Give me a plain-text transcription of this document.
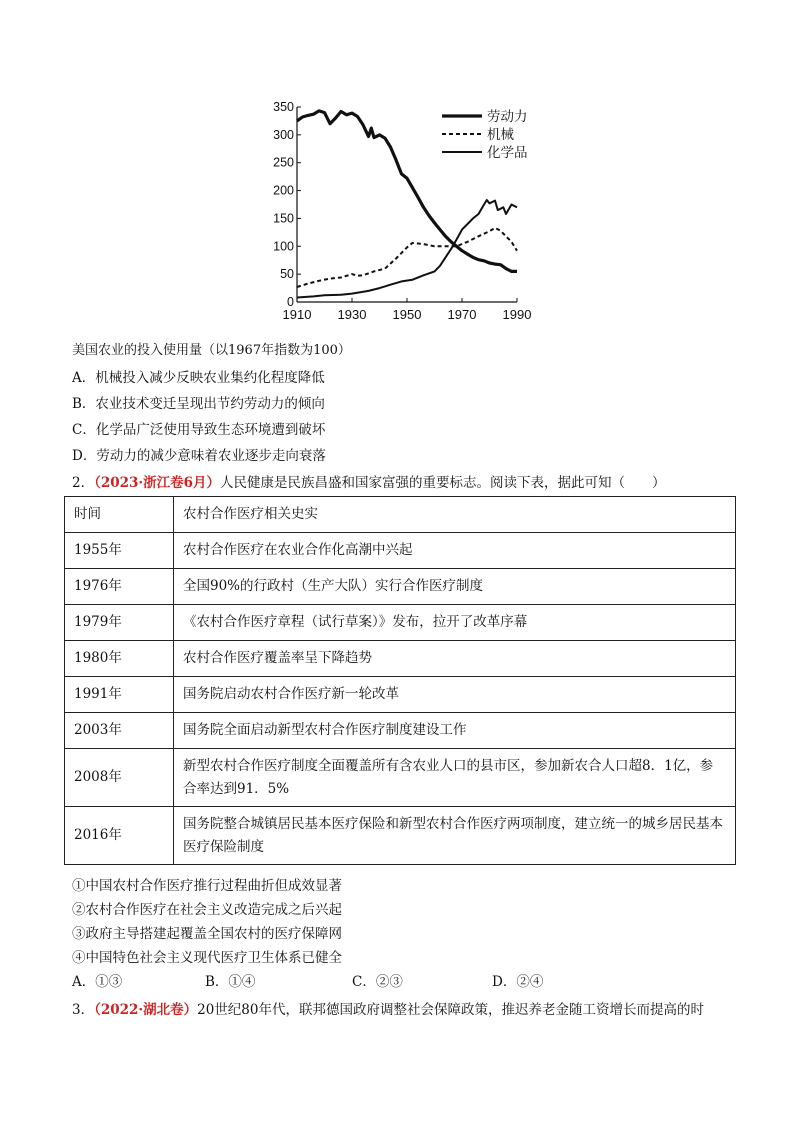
0
50
100
150
200
250
300
350
1910 1930 1950 1970 1990
劳动力
机械
化学品
美国农业的投入使用量（以1967年指数为100）
A．机械投入减少反映农业集约化程度降低
B．农业技术变迁呈现出节约劳动力的倾向
C．化学品广泛使用导致生态环境遭到破坏
D．劳动力的减少意味着农业逐步走向衰落
2．（2023·浙江卷6月）人民健康是民族昌盛和国家富强的重要标志。阅读下表，据此可知（　　）
时间	农村合作医疗相关史实
1955年	农村合作医疗在农业合作化高潮中兴起
1976年	全国90%的行政村（生产大队）实行合作医疗制度
1979年	《农村合作医疗章程（试行草案）》发布，拉开了改革序幕
1980年	农村合作医疗覆盖率呈下降趋势
1991年	国务院启动农村合作医疗新一轮改革
2003年	国务院全面启动新型农村合作医疗制度建设工作
2008年	新型农村合作医疗制度全面覆盖所有含农业人口的县市区，参加新农合人口超8．1亿，参合率达到91．5%
2016年	国务院整合城镇居民基本医疗保险和新型农村合作医疗两项制度，建立统一的城乡居民基本医疗保险制度
①中国农村合作医疗推行过程曲折但成效显著
②农村合作医疗在社会主义改造完成之后兴起
③政府主导搭建起覆盖全国农村的医疗保障网
④中国特色社会主义现代医疗卫生体系已健全
A．①③	B．①④	C．②③	D．②④
3．（2022·湖北卷）20世纪80年代，联邦德国政府调整社会保障政策，推迟养老金随工资增长而提高的时
